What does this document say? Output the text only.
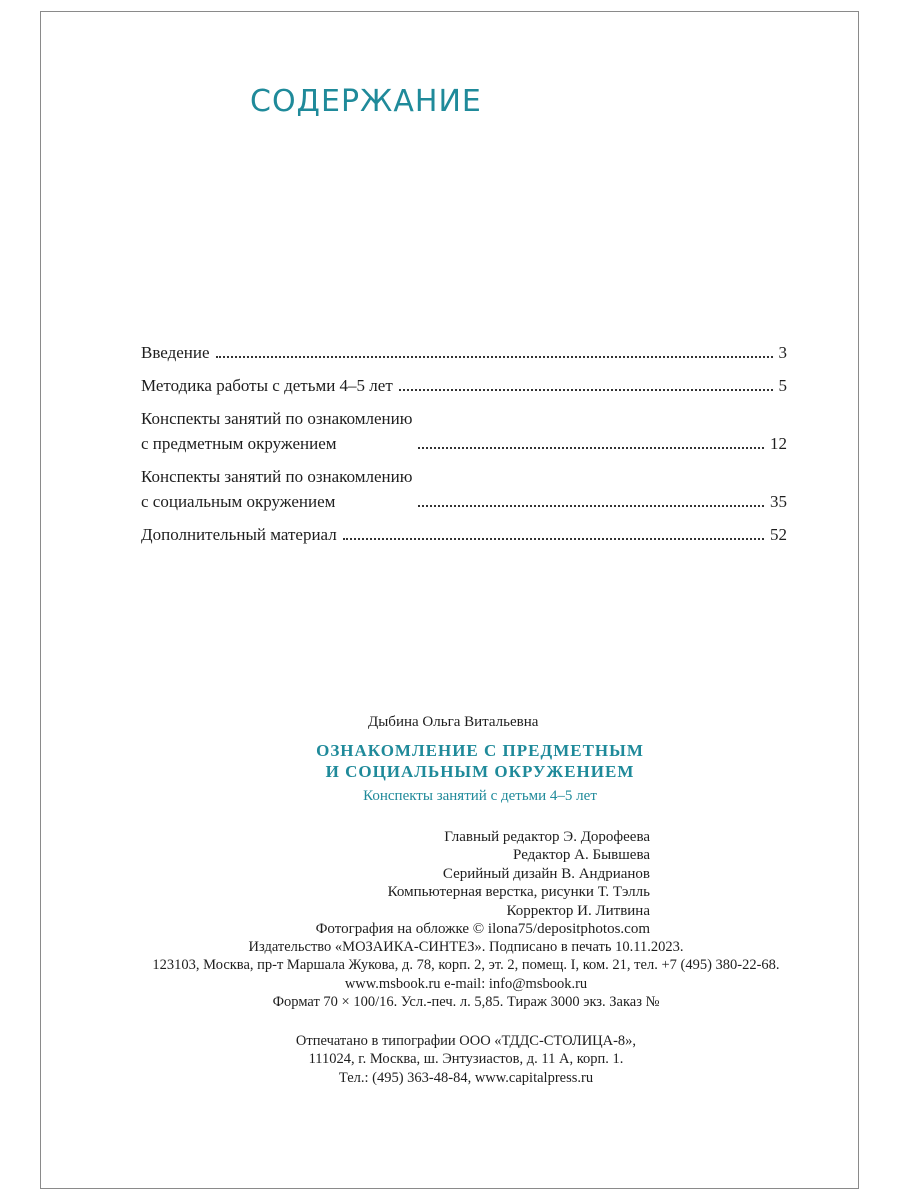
СОДЕРЖАНИЕ
Введение	3
Методика работы с детьми 4–5 лет	5
Конспекты занятий по ознакомлению
с предметным окружением	12
Конспекты занятий по ознакомлению
с социальным окружением	35
Дополнительный материал	52
Дыбина Ольга Витальевна
ОЗНАКОМЛЕНИЕ С ПРЕДМЕТНЫМ
И СОЦИАЛЬНЫМ ОКРУЖЕНИЕМ
Конспекты занятий с детьми 4–5 лет
Главный редактор Э. Дорофеева
Редактор А. Бывшева
Серийный дизайн В. Андрианов
Компьютерная верстка, рисунки Т. Тэлль
Корректор И. Литвина
Фотография на обложке © ilona75/depositphotos.com
Издательство «МОЗАИКА-СИНТЕЗ». Подписано в печать 10.11.2023.
123103, Москва, пр-т Маршала Жукова, д. 78, корп. 2, эт. 2, помещ. I, ком. 21, тел. +7 (495) 380-22-68.
www.msbook.ru e-mail: info@msbook.ru
Формат 70 × 100/16. Усл.-печ. л. 5,85. Тираж 3000 экз. Заказ №
Отпечатано в типографии ООО «ТДДС-СТОЛИЦА-8»,
111024, г. Москва, ш. Энтузиастов, д. 11 А, корп. 1.
Тел.: (495) 363-48-84, www.capitalpress.ru
